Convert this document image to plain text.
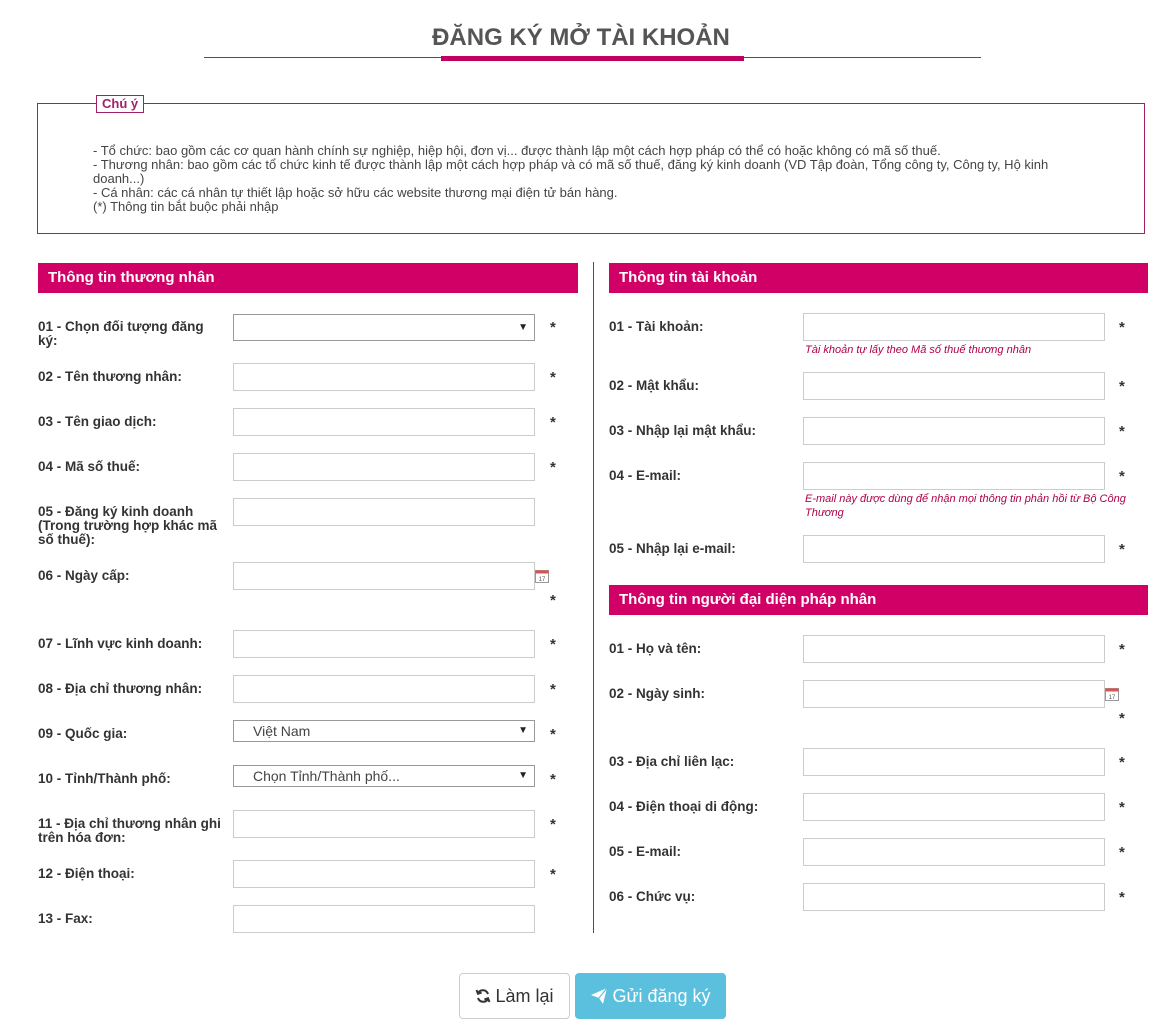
ĐĂNG KÝ MỞ TÀI KHOẢN
Chú ý
- Tổ chức: bao gồm các cơ quan hành chính sự nghiệp, hiệp hội, đơn vị... được thành lập một cách hợp pháp có thể có hoặc không có mã số thuế.
- Thương nhân: bao gồm các tổ chức kinh tế được thành lập một cách hợp pháp và có mã số thuế, đăng ký kinh doanh (VD Tập đoàn, Tổng công ty, Công ty, Hộ kinh doanh...)
- Cá nhân: các cá nhân tự thiết lập hoặc sở hữu các website thương mại điện tử bán hàng.
(*) Thông tin bắt buộc phải nhập
Thông tin thương nhân	Thông tin tài khoản
Thông tin người đại diện pháp nhân
01 - Chọn đối tượng đăng ký:
▼ *
02 - Tên thương nhân:	*
03 - Tên giao dịch:	*
04 - Mã số thuế:	*
05 - Đăng ký kinh doanh (Trong trường hợp khác mã số thuế):
06 - Ngày cấp:	17
*
07 - Lĩnh vực kinh doanh:	*
08 - Địa chỉ thương nhân:	*
09 - Quốc gia:	Việt Nam	▼ *
10 - Tỉnh/Thành phố:	Chọn Tỉnh/Thành phố...	▼ *
11 - Địa chỉ thương nhân ghi trên hóa đơn:
*
12 - Điện thoại:	*
13 - Fax:
01 - Tài khoản:	*
Tài khoản tự lấy theo Mã số thuế thương nhân
02 - Mật khẩu:	*
03 - Nhập lại mật khẩu:	*
04 - E-mail:	*
E-mail này được dùng để nhận mọi thông tin phản hồi từ Bộ Công Thương
05 - Nhập lại e-mail:	*
01 - Họ và tên:	*
02 - Ngày sinh:	17
*
03 - Địa chỉ liên lạc:	*
04 - Điện thoại di động:	*
05 - E-mail:	*
06 - Chức vụ:	*
Làm lại	Gửi đăng ký
